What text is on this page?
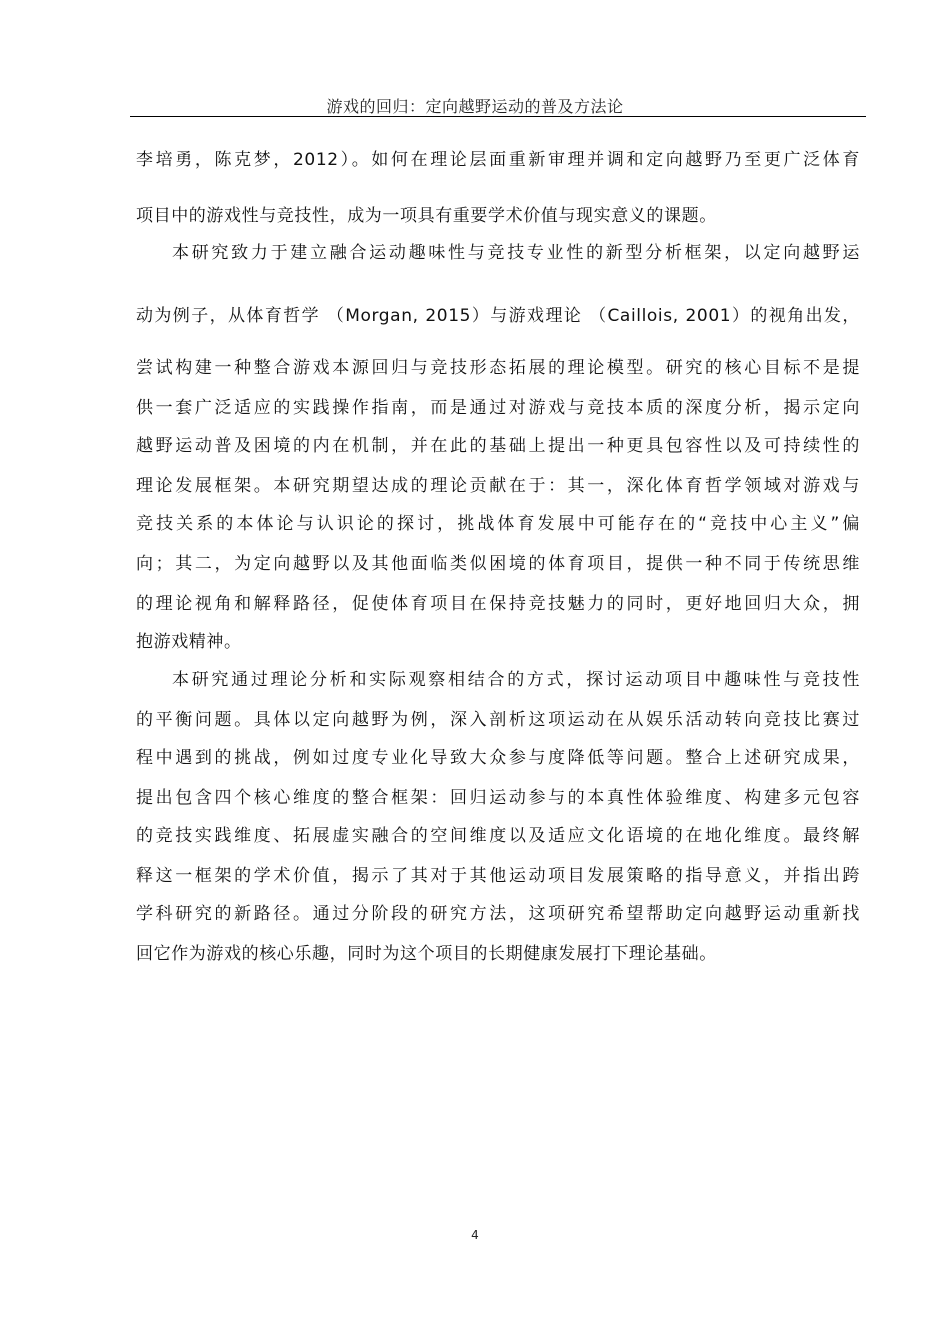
游戏的回归：定向越野运动的普及方法论
李培勇，陈克梦，2012）。如何在理论层面重新审理并调和定向越野乃至更广泛体育
项目中的游戏性与竞技性，成为一项具有重要学术价值与现实意义的课题。
本研究致力于建立融合运动趣味性与竞技专业性的新型分析框架，以定向越野运
动为例子，从体育哲学 （Morgan, 2015）与游戏理论 （Caillois, 2001）的视角出发，
尝试构建一种整合游戏本源回归与竞技形态拓展的理论模型。研究的核心目标不是提
供一套广泛适应的实践操作指南，而是通过对游戏与竞技本质的深度分析，揭示定向
越野运动普及困境的内在机制，并在此的基础上提出一种更具包容性以及可持续性的
理论发展框架。本研究期望达成的理论贡献在于：其一，深化体育哲学领域对游戏与
竞技关系的本体论与认识论的探讨，挑战体育发展中可能存在的“竞技中心主义”偏
向；其二，为定向越野以及其他面临类似困境的体育项目，提供一种不同于传统思维
的理论视角和解释路径，促使体育项目在保持竞技魅力的同时，更好地回归大众，拥
抱游戏精神。
本研究通过理论分析和实际观察相结合的方式，探讨运动项目中趣味性与竞技性
的平衡问题。具体以定向越野为例，深入剖析这项运动在从娱乐活动转向竞技比赛过
程中遇到的挑战，例如过度专业化导致大众参与度降低等问题。整合上述研究成果，
提出包含四个核心维度的整合框架：回归运动参与的本真性体验维度、构建多元包容
的竞技实践维度、拓展虚实融合的空间维度以及适应文化语境的在地化维度。最终解
释这一框架的学术价值，揭示了其对于其他运动项目发展策略的指导意义，并指出跨
学科研究的新路径。通过分阶段的研究方法，这项研究希望帮助定向越野运动重新找
回它作为游戏的核心乐趣，同时为这个项目的长期健康发展打下理论基础。
4
